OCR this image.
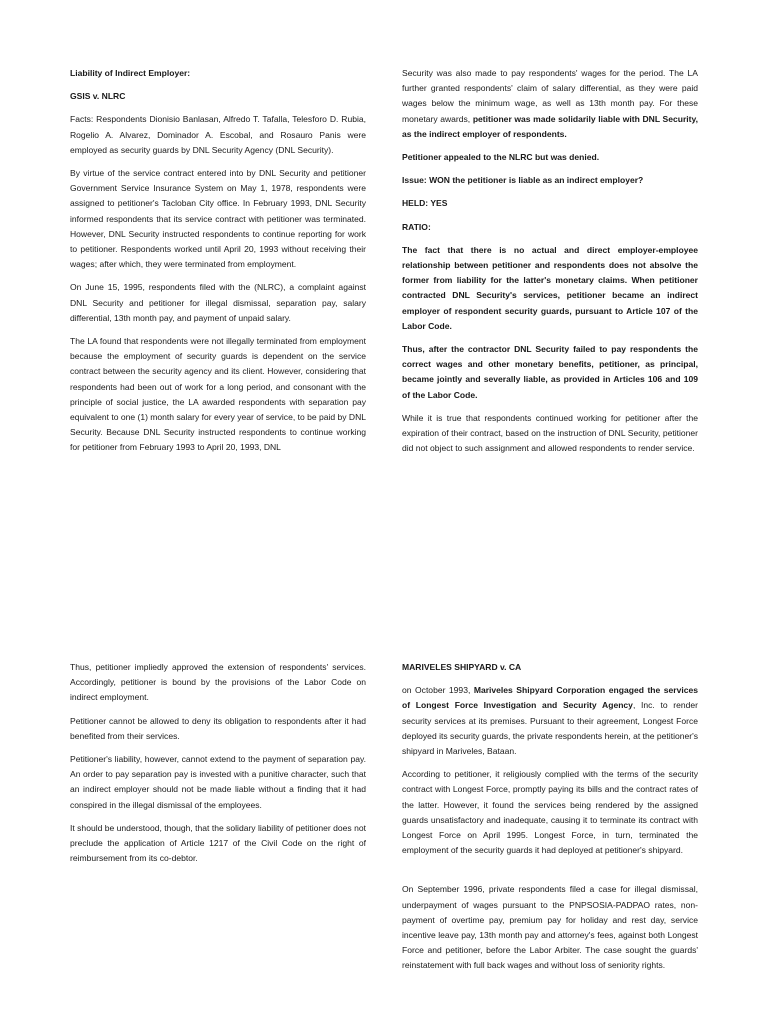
Liability of Indirect Employer:

GSIS v. NLRC

Facts: Respondents Dionisio Banlasan, Alfredo T. Tafalla, Telesforo D. Rubia, Rogelio A. Alvarez, Dominador A. Escobal, and Rosauro Panis were employed as security guards by DNL Security Agency (DNL Security).

By virtue of the service contract entered into by DNL Security and petitioner Government Service Insurance System on May 1, 1978, respondents were assigned to petitioner's Tacloban City office. In February 1993, DNL Security informed respondents that its service contract with petitioner was terminated. However, DNL Security instructed respondents to continue reporting for work to petitioner. Respondents worked until April 20, 1993 without receiving their wages; after which, they were terminated from employment.

On June 15, 1995, respondents filed with the (NLRC), a complaint against DNL Security and petitioner for illegal dismissal, separation pay, salary differential, 13th month pay, and payment of unpaid salary.

The LA found that respondents were not illegally terminated from employment because the employment of security guards is dependent on the service contract between the security agency and its client. However, considering that respondents had been out of work for a long period, and consonant with the principle of social justice, the LA awarded respondents with separation pay equivalent to one (1) month salary for every year of service, to be paid by DNL Security. Because DNL Security instructed respondents to continue working for petitioner from February 1993 to April 20, 1993, DNL

Security was also made to pay respondents' wages for the period. The LA further granted respondents' claim of salary differential, as they were paid wages below the minimum wage, as well as 13th month pay. For these monetary awards, petitioner was made solidarily liable with DNL Security, as the indirect employer of respondents.

Petitioner appealed to the NLRC but was denied.

Issue: WON the petitioner is liable as an indirect employer?

HELD: YES

RATIO:

The fact that there is no actual and direct employer-employee relationship between petitioner and respondents does not absolve the former from liability for the latter's monetary claims. When petitioner contracted DNL Security's services, petitioner became an indirect employer of respondent security guards, pursuant to Article 107 of the Labor Code.

Thus, after the contractor DNL Security failed to pay respondents the correct wages and other monetary benefits, petitioner, as principal, became jointly and severally liable, as provided in Articles 106 and 109 of the Labor Code.

While it is true that respondents continued working for petitioner after the expiration of their contract, based on the instruction of DNL Security, petitioner did not object to such assignment and allowed respondents to render service.

Thus, petitioner impliedly approved the extension of respondents' services. Accordingly, petitioner is bound by the provisions of the Labor Code on indirect employment.

Petitioner cannot be allowed to deny its obligation to respondents after it had benefited from their services.

Petitioner's liability, however, cannot extend to the payment of separation pay. An order to pay separation pay is invested with a punitive character, such that an indirect employer should not be made liable without a finding that it had conspired in the illegal dismissal of the employees.

It should be understood, though, that the solidary liability of petitioner does not preclude the application of Article 1217 of the Civil Code on the right of reimbursement from its co-debtor.

MARIVELES SHIPYARD v. CA

on October 1993, Mariveles Shipyard Corporation engaged the services of Longest Force Investigation and Security Agency, Inc. to render security services at its premises. Pursuant to their agreement, Longest Force deployed its security guards, the private respondents herein, at the petitioner's shipyard in Mariveles, Bataan.

According to petitioner, it religiously complied with the terms of the security contract with Longest Force, promptly paying its bills and the contract rates of the latter. However, it found the services being rendered by the assigned guards unsatisfactory and inadequate, causing it to terminate its contract with Longest Force on April 1995. Longest Force, in turn, terminated the employment of the security guards it had deployed at petitioner's shipyard.

On September 1996, private respondents filed a case for illegal dismissal, underpayment of wages pursuant to the PNPSOSIA-PADPAO rates, non-payment of overtime pay, premium pay for holiday and rest day, service incentive leave pay, 13th month pay and attorney's fees, against both Longest Force and petitioner, before the Labor Arbiter. The case sought the guards' reinstatement with full back wages and without loss of seniority rights.
